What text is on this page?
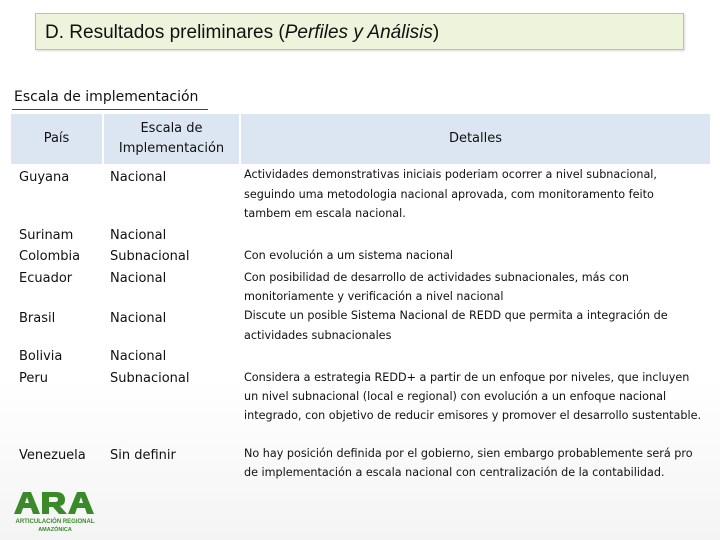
D. Resultados preliminares (Perfiles y Análisis)
Escala de implementación
País
Escala de
Implementación
Detalles
Guyana
Surinam
Colombia
Ecuador
Brasil
Bolivia
Peru
Venezuela
Nacional
Nacional
Subnacional
Nacional
Nacional
Nacional
Subnacional
Sin definir
Actividades demonstrativas iniciais poderiam ocorrer a nivel subnacional,
seguindo uma metodologia nacional aprovada, com monitoramento feito
tambem em escala nacional.
Con evolución a um sistema nacional
Con posibilidad de desarrollo de actividades subnacionales, más con
monitoriamente y verificación a nivel nacional
Discute un posible Sistema Nacional de REDD que permita a integración de
actividades subnacionales
Considera a estrategia REDD+ a partir de un enfoque por niveles, que incluyen
un nivel subnacional (local e regional) con evolución a un enfoque nacional
integrado, con objetivo de reducir emisores y promover el desarrollo sustentable.
No hay posición definida por el gobierno, sien embargo probablemente será pro
de implementación a escala nacional con centralización de la contabilidad.
ARTICULACIÓN REGIONAL
AMAZÓNICA
